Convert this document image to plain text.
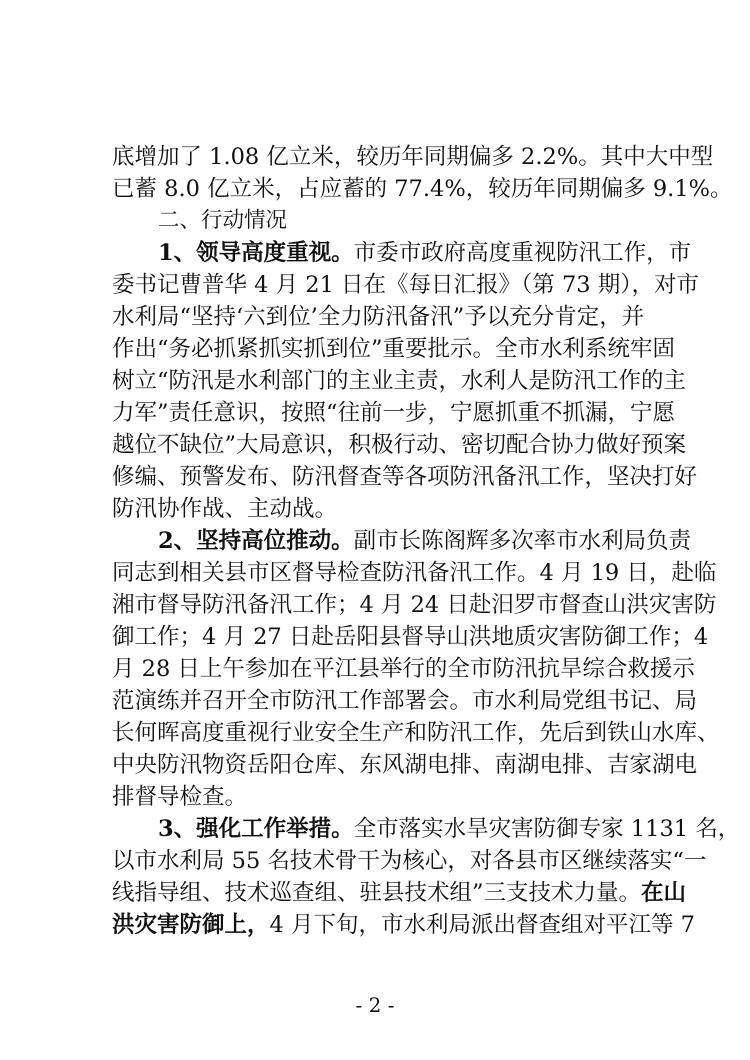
底增加了 1.08 亿立米，较历年同期偏多 2.2%。其中大中型
已蓄 8.0 亿立米，占应蓄的 77.4%，较历年同期偏多 9.1%。
二、行动情况
1、领导高度重视。市委市政府高度重视防汛工作，市
委书记曹普华 4 月 21 日在《每日汇报》（第 73 期），对市
水利局“坚持‘六到位’全力防汛备汛”予以充分肯定，并
作出“务必抓紧抓实抓到位”重要批示。全市水利系统牢固
树立“防汛是水利部门的主业主责，水利人是防汛工作的主
力军”责任意识，按照“往前一步，宁愿抓重不抓漏，宁愿
越位不缺位”大局意识，积极行动、密切配合协力做好预案
修编、预警发布、防汛督查等各项防汛备汛工作，坚决打好
防汛协作战、主动战。
2、坚持高位推动。副市长陈阁辉多次率市水利局负责
同志到相关县市区督导检查防汛备汛工作。4 月 19 日，赴临
湘市督导防汛备汛工作；4 月 24 日赴汨罗市督查山洪灾害防
御工作；4 月 27 日赴岳阳县督导山洪地质灾害防御工作；4
月 28 日上午参加在平江县举行的全市防汛抗旱综合救援示
范演练并召开全市防汛工作部署会。市水利局党组书记、局
长何晖高度重视行业安全生产和防汛工作，先后到铁山水库、
中央防汛物资岳阳仓库、东风湖电排、南湖电排、吉家湖电
排督导检查。
3、强化工作举措。全市落实水旱灾害防御专家 1131 名，
以市水利局 55 名技术骨干为核心，对各县市区继续落实“一
线指导组、技术巡查组、驻县技术组”三支技术力量。在山
洪灾害防御上，4 月下旬，市水利局派出督查组对平江等 7
- 2 -
